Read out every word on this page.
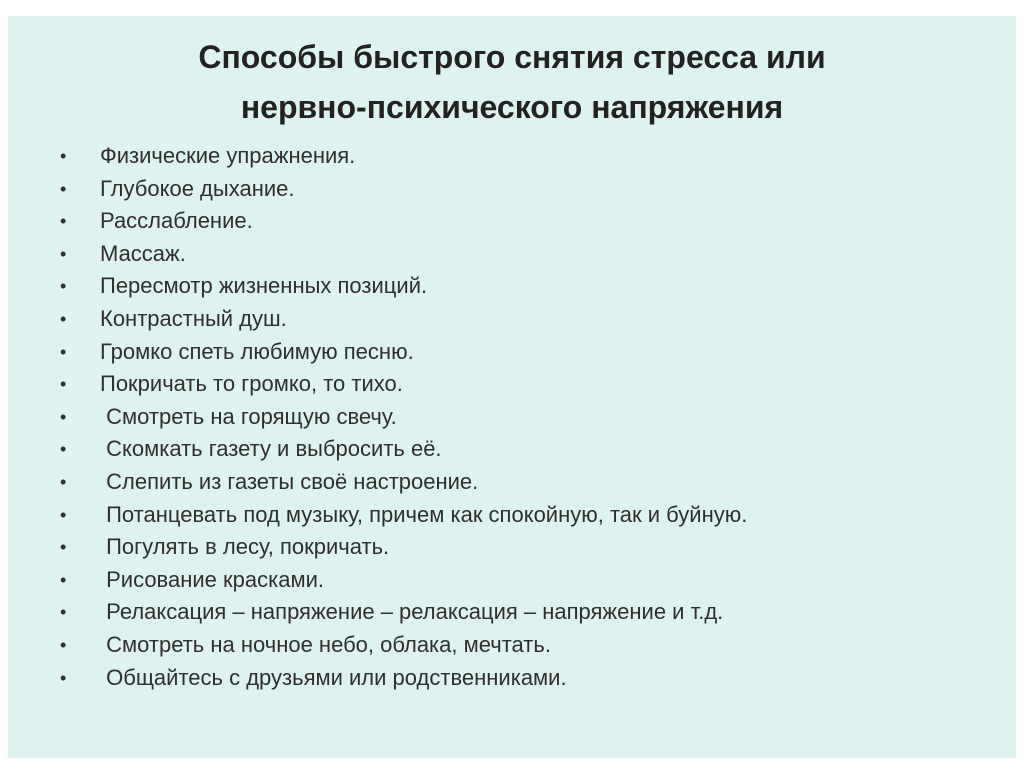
Способы быстрого снятия стресса или
нервно-психического напряжения
• Физические упражнения.
• Глубокое дыхание.
• Расслабление.
• Массаж.
• Пересмотр жизненных позиций.
• Контрастный душ.
• Громко спеть любимую песню.
• Покричать то громко, то тихо.
• Смотреть на горящую свечу.
• Скомкать газету и выбросить её.
• Слепить из газеты своё настроение.
• Потанцевать под музыку, причем как спокойную, так и буйную.
• Погулять в лесу, покричать.
• Рисование красками.
• Релаксация – напряжение – релаксация – напряжение и т.д.
• Смотреть на ночное небо, облака, мечтать.
• Общайтесь с друзьями или родственниками.
